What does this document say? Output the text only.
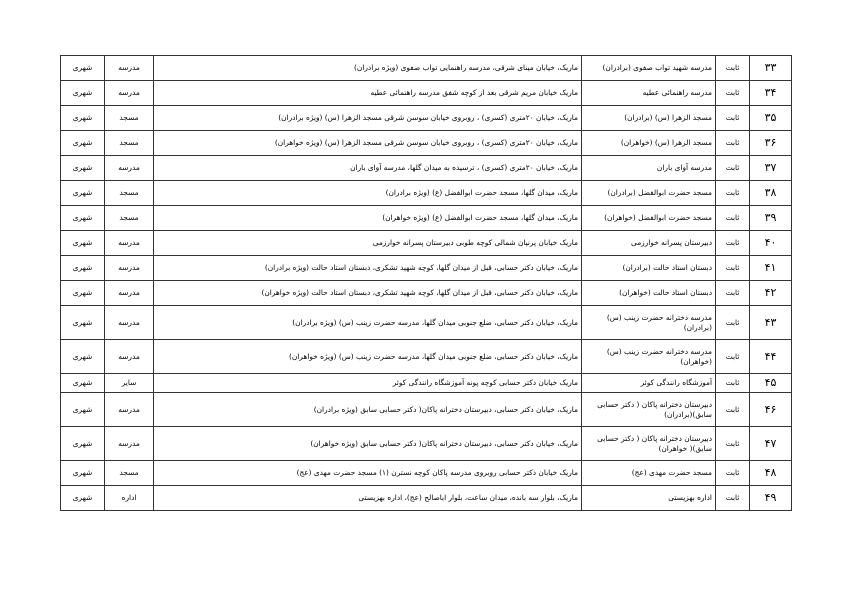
۳۳	ثابت	مدرسه شهید تواب صفوی (برادران)	ماریک، خیابان مینای شرقی، مدرسه راهنمایی تواب صفوی (ویژه برادران)	مدرسه	شهری
۳۴	ثابت	مدرسه راهنمائی عطیه	ماریک خیابان مریم شرقی بعد از کوچه شفق مدرسه راهنمائی عطیه	مدرسه	شهری
۳۵	ثابت	مسجد الزهرا (س) (برادران)	ماریک، خیابان ۲۰متری (کسری) ، روبروی خیابان سوسن شرقی مسجد الزهرا (س) (ویژه برادران)	مسجد	شهری
۳۶	ثابت	مسجد الزهرا (س) (خواهران)	ماریک، خیابان ۲۰متری (کسری) ، روبروی خیابان سوسن شرقی مسجد الزهرا (س) (ویژه خواهران)	مسجد	شهری
۳۷	ثابت	مدرسه آوای باران	ماریک، خیابان ۲۰متری (کسری) ، ترسیده به میدان گلها، مدرسه آوای باران	مدرسه	شهری
۳۸	ثابت	مسجد حضرت ابوالفضل (برادران)	ماریک، میدان گلها، مسجد حضرت ابوالفضل (ع) (ویژه برادران)	مسجد	شهری
۳۹	ثابت	مسجد حضرت ابوالفضل (خواهران)	ماریک، میدان گلها، مسجد حضرت ابوالفضل (ع) (ویژه خواهران)	مسجد	شهری
۴۰	ثابت	دبیرستان پسرانه خوارزمی	ماریک خیابان پرنیان شمالی کوچه طوبی دبیرستان پسرانه خوارزمی	مدرسه	شهری
۴۱	ثابت	دبستان استاد حالت (برادران)	ماریک، خیابان دکتر حسابی، قبل از میدان گلها، کوچه شهید تشکری، دبستان استاد حالت (ویژه برادران)	مدرسه	شهری
۴۲	ثابت	دبستان استاد حالت (خواهران)	ماریک، خیابان دکتر حسابی، قبل از میدان گلها، کوچه شهید تشکری، دبستان استاد حالت (ویژه خواهران)	مدرسه	شهری
۴۳	ثابت	مدرسه دخترانه حضرت زینب (س) (برادران)	ماریک، خیابان دکتر حسابی، ضلع جنوبی میدان گلها، مدرسه حضرت زینب (س) (ویژه برادران)	مدرسه	شهری
۴۴	ثابت	مدرسه دخترانه حضرت زینب (س)(خواهران)	ماریک، خیابان دکتر حسابی، ضلع جنوبی میدان گلها، مدرسه حضرت زینب (س) (ویژه خواهران)	مدرسه	شهری
۴۵	ثابت	آموزشگاه رانندگی کوثر	ماریک خیابان دکتر حسابی کوچه پونه آموزشگاه رانندگی کوثر	سایر	شهری
۴۶	ثابت	دبیرستان دخترانه پاکان ( دکتر حسابی سابق)(برادران)	ماریک، خیابان دکتر حسابی، دبیرستان دخترانه پاکان( دکتر حسابی سابق (ویژه برادران)	مدرسه	شهری
۴۷	ثابت	دبیرستان دخترانه پاکان ( دکتر حسابی سابق)( خواهران)	ماریک، خیابان دکتر حسابی، دبیرستان دخترانه پاکان( دکتر حسابی سابق (ویژه خواهران)	مدرسه	شهری
۴۸	ثابت	مسجد حضرت مهدی (عج)	ماریک خیابان دکتر حسابی روبروی مدرسه پاکان کوچه نسترن (۱) مسجد حضرت مهدی (عج)	مسجد	شهری
۴۹	ثابت	اداره بهزیستی	ماریک، بلوار سه بانده، میدان ساعت، بلوار اباصالح (عج)، اداره بهزیستی	اداره	شهری
